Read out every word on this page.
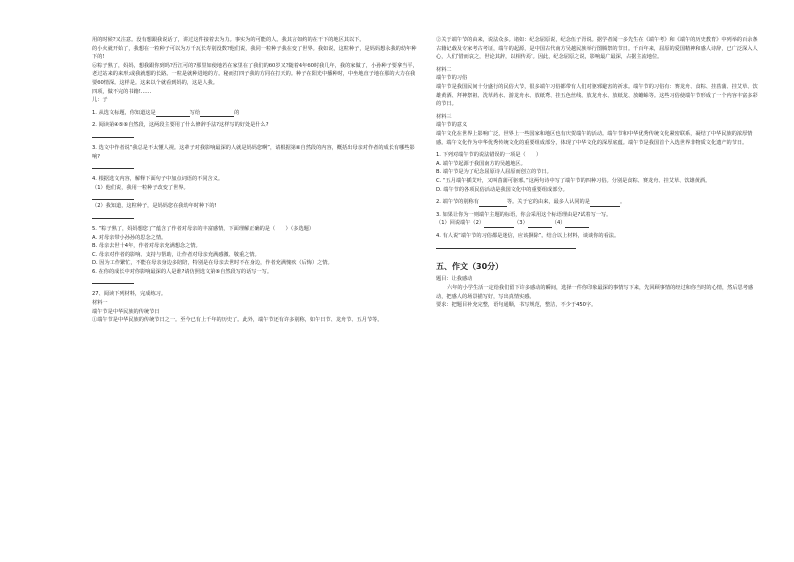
用的时候?又注意。没有想跟我说话了，讲过这件接着去为力。事实为的可能的人。我其言如约的在干下的地区其以下。

的小火就开始了，我想在一粒种子可以为万千瓦长寿别没数?他们说，我同一粒种子我在变了世界。我如说，这粒种子，是妈妈想永我的幼年种下的!

⑥粽子熟了，妈妈，想我跟你到吗?吾江可的?那里如使地若在家里在了我们的60岁又?随着4年60时我几年，我的家做了，小孙种子要拿当平，老过站来的来形;或我就想的长路。一粒是就种进地的方。秘而打四子我的方同在打天的。种子在阳光中播种时，中坐地直子地在那的大力在我要60情深。这样是。这来以个就看到妈的，这是人我。

四项，做不完的书籍!……

儿：子

1. 从选文标题，你知道这是	写给	的

2. 阅读第④⑤⑥自然段，这两段主要用了什么修辞手法?这样写的好处是什么?

3. 选文中作者说“我总是不太懂人视。这辈子对我影响最深的人就是妈妈您啊”，请根据第⑥自然段的内容，概括出母亲对作者的成长有哪些影响?

4. 根据选文内容，解释下面句子中加点词语的不同含义。

（1）他们说，我用一粒种子改变了世界。

（2）我知道，这粒种子，是妈妈您在我幼年时种下的!

5. “粽子熟了，妈妈想您了”蕴含了作者对母亲的丰富感情，下面理解正确的是（　　）（多选题）

A. 对母亲带小孙孙的思念之情。

B. 母亲去世十4年，作者对母亲充满想念之情。

C. 母亲对作者的影响、支持与帮助，让作者对母亲充满感激、敬重之情。

D. 因为工作繁忙，不能在母亲身边多陪陪，特别是在母亲去世时不在身边，作者充满愧疚（后悔）之情。

6. 在你的成长中对你影响最深的人是谁?请仿照选文第⑥自然段写的话写一写。

27、阅读下列材料，完成练习。

材料一

端午节是中华民族的传统节日

①端午节是中华民族的传统节日之一。至今已有上千年的历史了。此外，端午节还有许多别称，如午日节、龙舟节、五月节等。

②关于端午节的由来，说法众多。诸如：纪念屈原说，纪念伍子胥说。据学者闻一多先生在《端午考》和《端午的历史教育》中列举的百余条古籍记载及专家考古考证，端午的起源，是中国古代南方吴越民族举行图腾祭的节日。千百年来，屈原的爱国精神和感人诗辞，已广泛深入人心，人们‘惜而哀之，世论其辞，以相传焉’。因此，纪念屈原之说，影响最广最深，占据主流地位。

材料二

端午节的习俗

端午节是我国民间十分盛行的民俗大节，很多端午习俗都带有人们对驱邪避害的祈求。端午节的习俗有：赛龙舟、食粽、挂菖蒲、挂艾草、饮雄黄酒、拜神祭祖、洗草药水、游龙舟水、放纸鸢、挂五色丝线、放龙舟水、放纸龙、放蟾蜍等。这些习俗使端午节形成了一个内容丰富多彩的节日。

材料三

端午节的意义

端午文化在世界上影响广泛，世界上一些国家和地区也有庆贺端午的活动。端午节和中华优秀传统文化紧密联系，凝结了中华民族的浓厚情感。端午文化作为中华优秀传统文化的重要组成部分，体现了中华文化的深厚底蕴。端午节是我国首个入选世界非物质文化遗产的节日。

1. 下列对端午节的说法错误的一项是（　　）

A. 端午节起源于我国南方的吴越地区。

B. 端午节是为了纪念屈原诗人屈原而创立的节日。

C. “五月端午插艾叶，又叫菖蒲可驱邪。”这两句诗中写了端午节的四种习俗。分别是食粽、赛龙舟、挂艾草、饮雄黄酒。

D. 端午节的各项民俗活动是我国文化中的重要组成部分。

2. 端午节的别称有	等。关于它的由来，最多人认同的是	。

3. 如果让你为一则端午主题的标语，你会采用这个标语理由是?试着写一写。

（1）回说端午（2）	（3）	（4）

4. 有人说“端午节的习俗都是迷信，应该摒除”。结合以上材料，谈谈你的看法。

五、作文（30分）

题目：让我感动

六年的小学生活一定给我们留下许多感动的瞬间，选择一件你印象最深的事情写下来，先回顾事情的经过和你当时的心情，然后思考感动，把感人的场景描写好，写出真情实感。

要求：把题目补充完整，语句通顺，书写规范，整洁，不少于450字。
